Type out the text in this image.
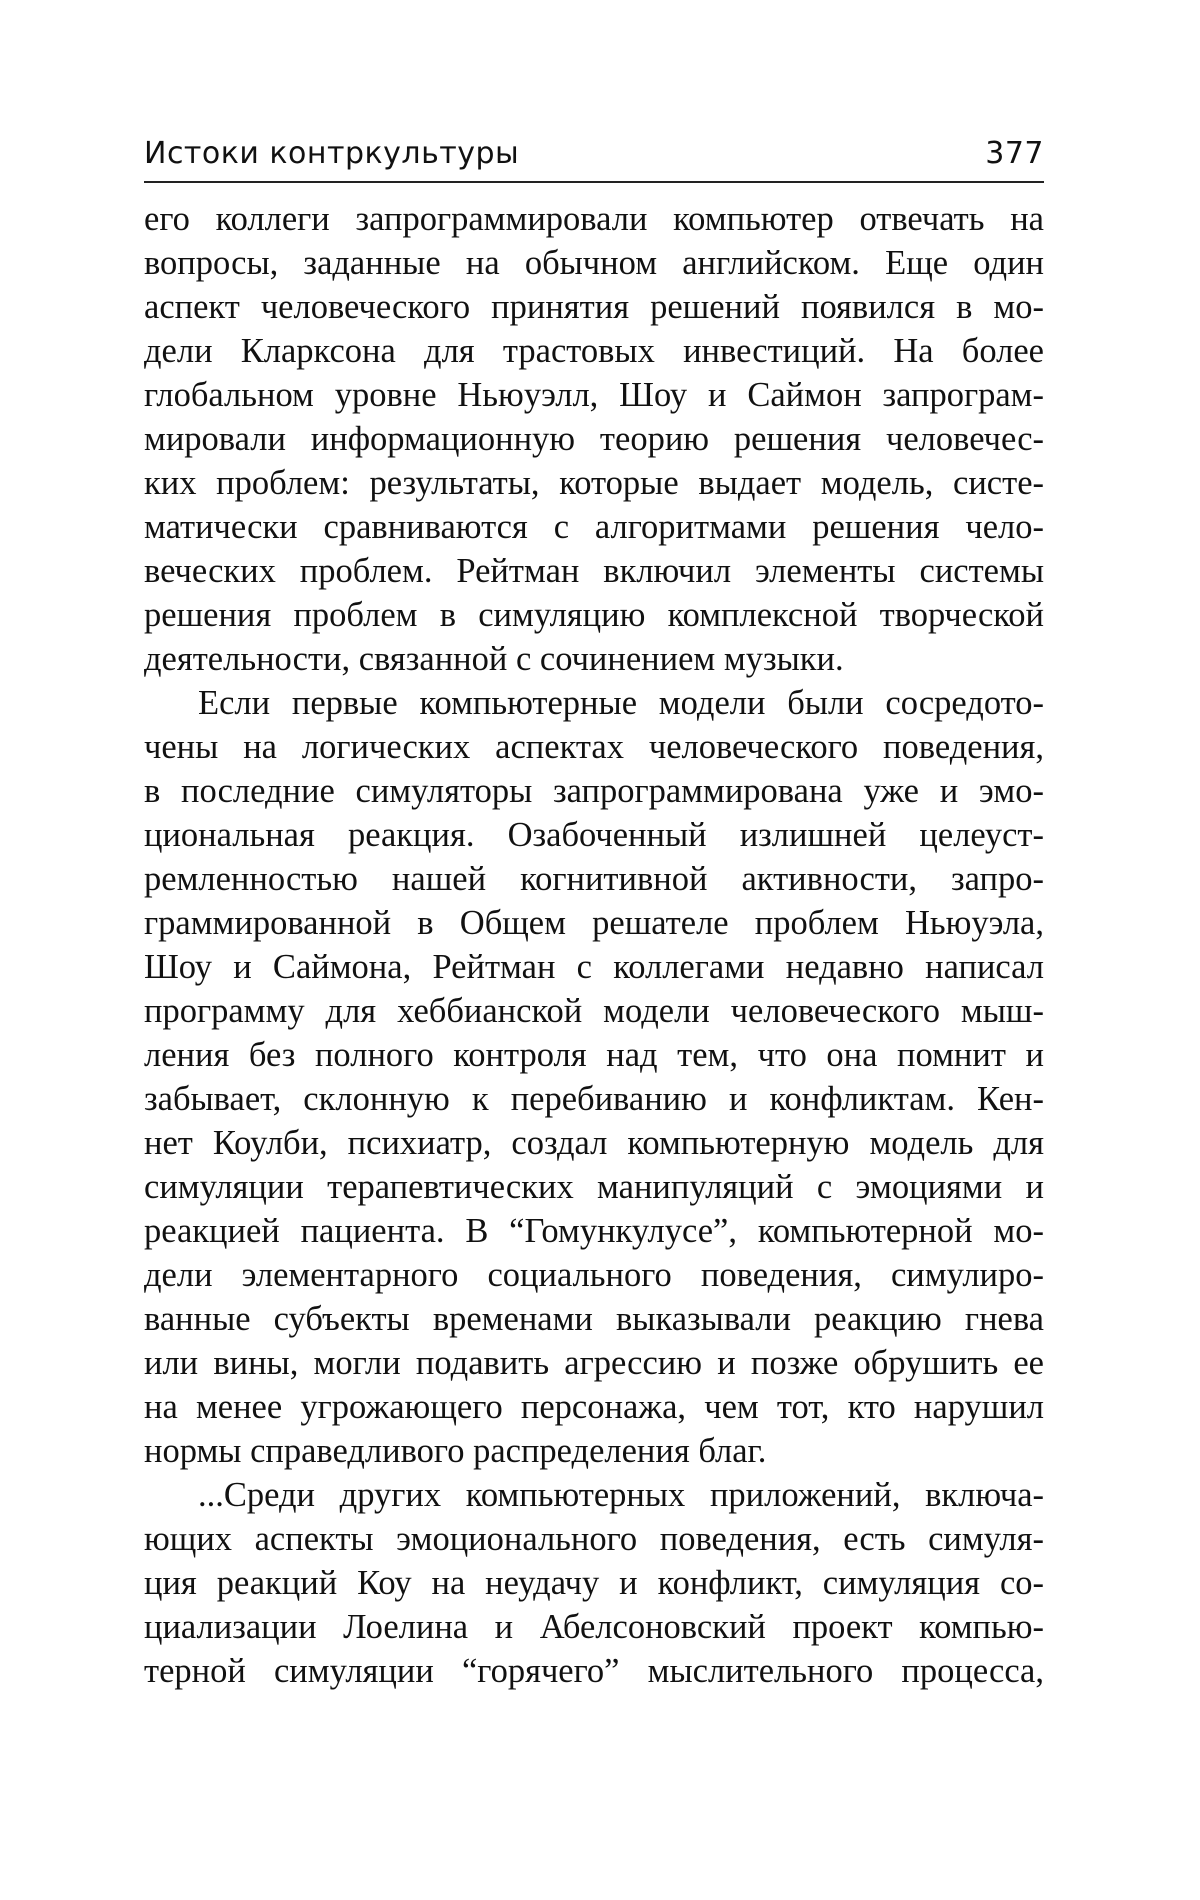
Истоки контркультуры	377

его коллеги запрограммировали компьютер отвечать на
вопросы, заданные на обычном английском. Еще один
аспект человеческого принятия решений появился в мо-
дели Кларксона для трастовых инвестиций. На более
глобальном уровне Ньюуэлл, Шоу и Саймон запрограм-
мировали информационную теорию решения человечес-
ких проблем: результаты, которые выдает модель, систе-
матически сравниваются с алгоритмами решения чело-
веческих проблем. Рейтман включил элементы системы
решения проблем в симуляцию комплексной творческой
деятельности, связанной с сочинением музыки.

Если первые компьютерные модели были сосредото-
чены на логических аспектах человеческого поведения,
в последние симуляторы запрограммирована уже и эмо-
циональная реакция. Озабоченный излишней целеуст-
ремленностью нашей когнитивной активности, запро-
граммированной в Общем решателе проблем Ньюуэла,
Шоу и Саймона, Рейтман с коллегами недавно написал
программу для хеббианской модели человеческого мыш-
ления без полного контроля над тем, что она помнит и
забывает, склонную к перебиванию и конфликтам. Кен-
нет Коулби, психиатр, создал компьютерную модель для
симуляции терапевтических манипуляций с эмоциями и
реакцией пациента. В “Гомункулусе”, компьютерной мо-
дели элементарного социального поведения, симулиро-
ванные субъекты временами выказывали реакцию гнева
или вины, могли подавить агрессию и позже обрушить ее
на менее угрожающего персонажа, чем тот, кто нарушил
нормы справедливого распределения благ.

...Среди других компьютерных приложений, включа-
ющих аспекты эмоционального поведения, есть симуля-
ция реакций Коу на неудачу и конфликт, симуляция со-
циализации Лоелина и Абелсоновский проект компью-
терной симуляции “горячего” мыслительного процесса,
